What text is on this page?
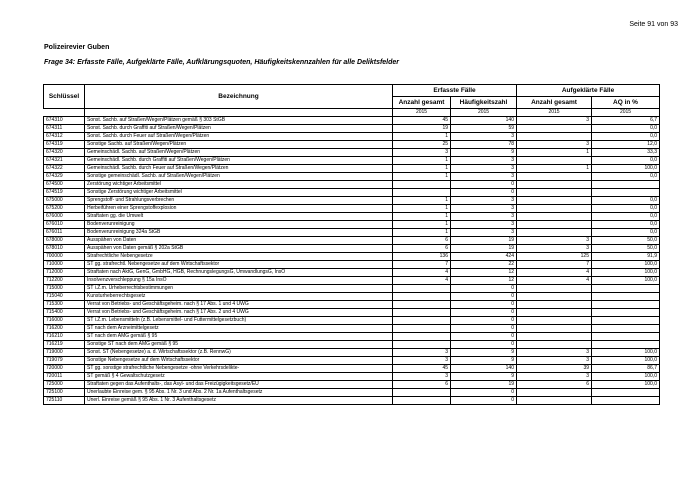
Seite 91 von 93
Polizeirevier Guben
Frage 34: Erfasste Fälle, Aufgeklärte Fälle, Aufklärungsquoten, Häufigkeitskennzahlen für alle Deliktsfelder
Schlüssel	Bezeichnung	Erfasste Fälle		Aufgeklärte Fälle	
		Anzahl gesamt	Häufigkeitszahl	Anzahl gesamt	AQ in %
		2015	2015	2015	2015
674310	Sonst. Sachb. auf Straßen/Wegen/Plätzen gemäß § 303 StGB	45	140	3	6,7
674311	Sonst. Sachb. durch Graffiti auf Straßen/Wegen/Plätzen	19	59		0,0
674312	Sonst. Sachb. durch Feuer auf Straßen/Wegen/Plätzen	1	3		0,0
674319	Sonstige Sachb. auf Straßen/Wegen/Plätzen	25	78	3	12,0
674320	Gemeinschädl. Sachb. auf Straßen/Wegen/Plätzen	3	9	1	33,3
674321	Gemeinschädl. Sachb. durch Graffiti auf Straßen/Wegen/Plätzen	1	3		0,0
674322	Gemeinschädl. Sachb. durch Feuer auf Straßen/Wegen/Plätzen	1	3	1	100,0
674329	Sonstige gemeinschädl. Sachb. auf Straßen/Wegen/Plätzen	1	3		0,0
674500	Zerstörung wichtiger Arbeitsmittel		0		
674519	Sonstige Zerstörung wichtiger Arbeitsmittel		0		
675000	Sprengstoff- und Strahlungsverbrechen	1	3		0,0
675200	Herbeiführen einer Sprengstoffexplosion	1	3		0,0
676000	Straftaten gg. die Umwelt	1	3		0,0
676010	Bodenverunreinigung	1	3		0,0
676011	Bodenverunreinigung 324a StGB	1	3		0,0
678000	Ausspähen von Daten	6	19	3	50,0
678010	Ausspähen von Daten gemäß § 202a StGB	6	19	3	50,0
700000	Strafrechtliche Nebengesetze	136	424	125	91,9
710000	ST gg. strafrechtl. Nebengesetze auf dem Wirtschaftssektor	7	22	7	100,0
712000	Straftaten nach AktG, GenG, GmbHG, HGB, RechnungslegungsG, UmwandlungsG, InsO	4	12	4	100,0
712200	Insolvenzverschleppung § 15a InsO	4	12	4	100,0
715000	ST i.Z.m. Urheberrechtsbestimmungen		0		
715040	Kunsturheberrechtsgesetz		0		
715300	Verrat von Betriebs- und Geschäftsgeheim. nach § 17 Abs. 1 und 4 UWG		0		
715400	Verrat von Betriebs- und Geschäftsgeheim. nach § 17 Abs. 2 und 4 UWG		0		
716000	ST i.Z.m. Lebensmitteln (z.B. Lebensmittel- und Futtermittelgesetzbuch)		0		
716200	ST nach dem Arzneimittelgesetz		0		
716210	ST nach dem AMG gemäß § 95		0		
716219	Sonstige ST nach dem AMG gemäß § 95		0		
719000	Sonst. ST (Nebengesetze) a. d. Wirtschaftssektor (z.B. RennwG)	3	9	3	100,0
719079	Sonstige Nebengesetze auf dem Wirtschaftssektor	3	9	3	100,0
720000	ST gg. sonstige strafrechtliche Nebengesetze -ohne Verkehrsdelikte-	45	140	39	86,7
720011	ST gemäß § 4 Gewaltschutzgesetz	3	9	3	100,0
725000	Straftaten gegen das Aufenthalts-, das Asyl- und das Freizügigkeitsgesetz/EU	6	19	6	100,0
725100	Unerlaubte Einreise gem. § 95 Abs. 1 Nr. 3 und Abs. 2 Nr. 1a Aufenthaltsgesetz		0		
725110	Unerl. Einreise gemäß § 95 Abs. 1 Nr. 3 Aufenthaltsgesetz		0		
